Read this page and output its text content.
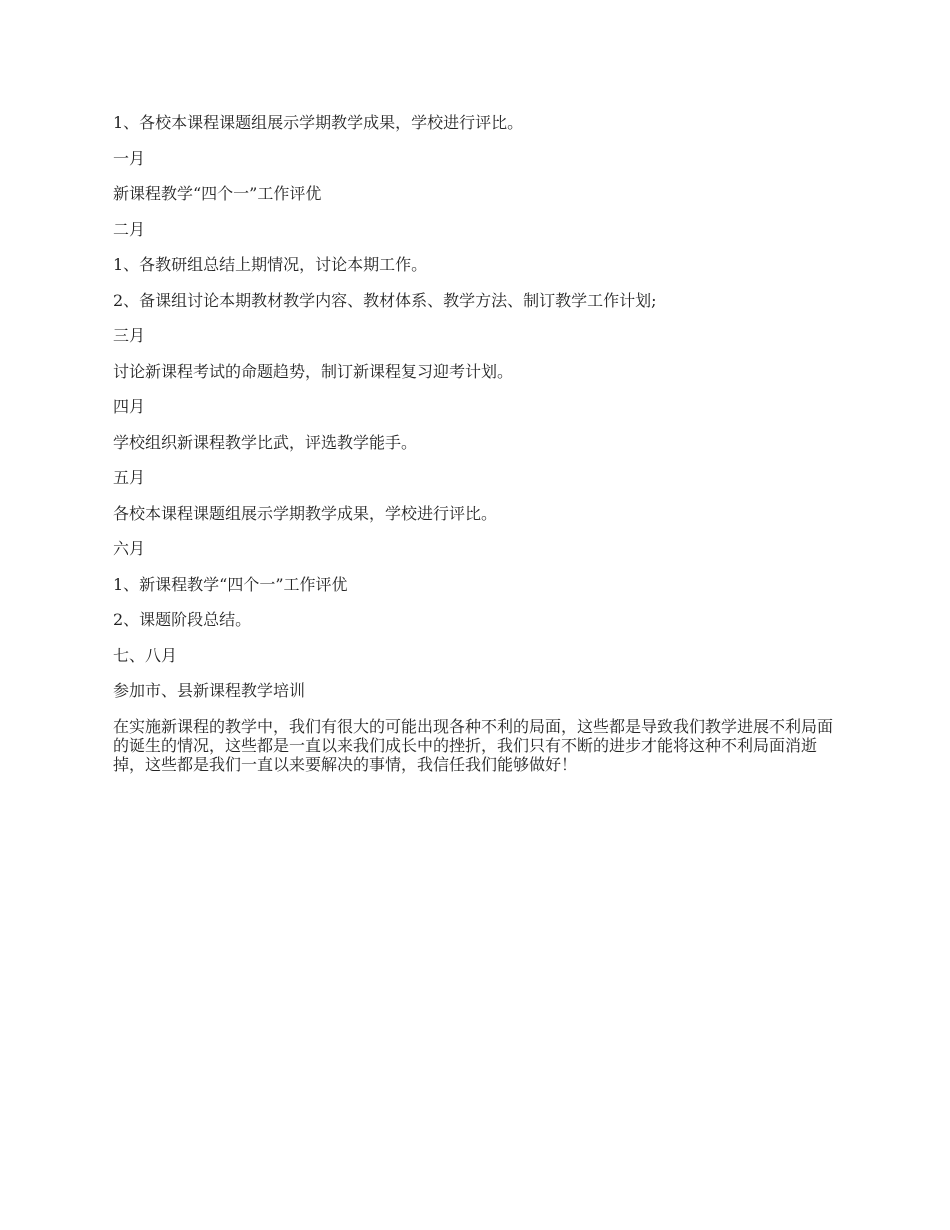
1、各校本课程课题组展示学期教学成果，学校进行评比。

一月

新课程教学“四个一”工作评优

二月

1、各教研组总结上期情况，讨论本期工作。

2、备课组讨论本期教材教学内容、教材体系、教学方法、制订教学工作计划;

三月

讨论新课程考试的命题趋势，制订新课程复习迎考计划。

四月

学校组织新课程教学比武，评选教学能手。

五月

各校本课程课题组展示学期教学成果，学校进行评比。

六月

1、新课程教学“四个一”工作评优

2、课题阶段总结。

七、八月

参加市、县新课程教学培训

在实施新课程的教学中，我们有很大的可能出现各种不利的局面，这些都是导致我们教学进展不利局面的诞生的情况，这些都是一直以来我们成长中的挫折，我们只有不断的进步才能将这种不利局面消逝掉，这些都是我们一直以来要解决的事情，我信任我们能够做好！
